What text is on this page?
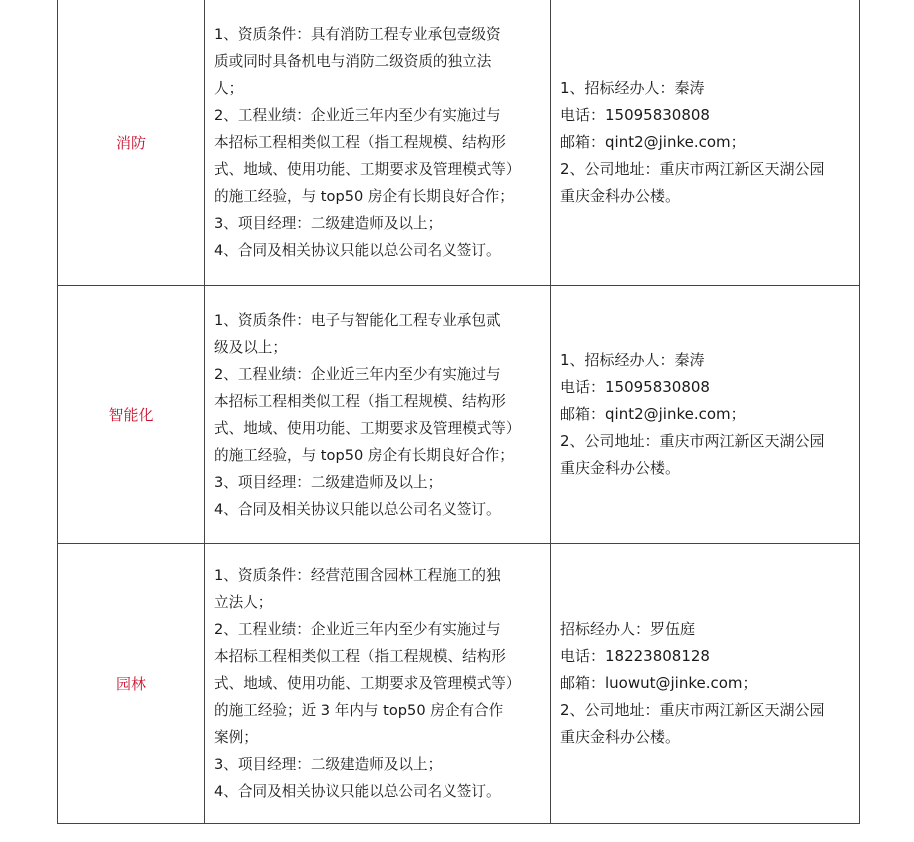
消防
1、资质条件：具有消防工程专业承包壹级资
质或同时具备机电与消防二级资质的独立法
人；
2、工程业绩：企业近三年内至少有实施过与
本招标工程相类似工程（指工程规模、结构形
式、地域、使用功能、工期要求及管理模式等）
的施工经验，与 top50 房企有长期良好合作；
3、项目经理：二级建造师及以上；
4、合同及相关协议只能以总公司名义签订。
1、招标经办人：秦涛
电话：15095830808
邮箱：qint2@jinke.com；
2、公司地址：重庆市两江新区天湖公园
重庆金科办公楼。
智能化
1、资质条件：电子与智能化工程专业承包贰
级及以上；
2、工程业绩：企业近三年内至少有实施过与
本招标工程相类似工程（指工程规模、结构形
式、地域、使用功能、工期要求及管理模式等）
的施工经验，与 top50 房企有长期良好合作；
3、项目经理：二级建造师及以上；
4、合同及相关协议只能以总公司名义签订。
1、招标经办人：秦涛
电话：15095830808
邮箱：qint2@jinke.com；
2、公司地址：重庆市两江新区天湖公园
重庆金科办公楼。
园林
1、资质条件：经营范围含园林工程施工的独
立法人；
2、工程业绩：企业近三年内至少有实施过与
本招标工程相类似工程（指工程规模、结构形
式、地域、使用功能、工期要求及管理模式等）
的施工经验；近 3 年内与 top50 房企有合作
案例；
3、项目经理：二级建造师及以上；
4、合同及相关协议只能以总公司名义签订。
招标经办人：罗伍庭
电话：18223808128
邮箱：luowut@jinke.com；
2、公司地址：重庆市两江新区天湖公园
重庆金科办公楼。
